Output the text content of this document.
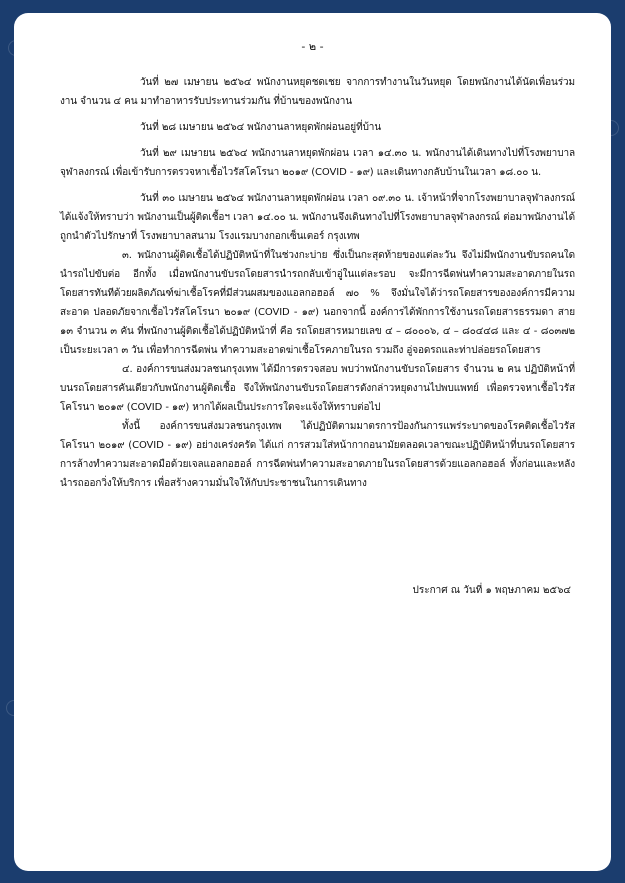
- ๒ -

วันที่ ๒๗ เมษายน ๒๕๖๔ พนักงานหยุดชดเชย จากการทำงานในวันหยุด โดยพนักงานได้นัดเพื่อนร่วมงาน จำนวน ๔ คน มาทำอาหารรับประทานร่วมกัน ที่บ้านของพนักงาน

วันที่ ๒๘ เมษายน ๒๕๖๔ พนักงานลาหยุดพักผ่อนอยู่ที่บ้าน

วันที่ ๒๙ เมษายน ๒๕๖๔ พนักงานลาหยุดพักผ่อน เวลา ๑๔.๓๐ น. พนักงานได้เดินทางไปที่โรงพยาบาลจุฬาลงกรณ์ เพื่อเข้ารับการตรวจหาเชื้อไวรัสโคโรนา ๒๐๑๙ (COVID - ๑๙) และเดินทางกลับบ้านในเวลา ๑๘.๐๐ น.

วันที่ ๓๐ เมษายน ๒๕๖๔ พนักงานลาหยุดพักผ่อน เวลา ๐๙.๓๐ น. เจ้าหน้าที่จากโรงพยาบาลจุฬาลงกรณ์ ได้แจ้งให้ทราบว่า พนักงานเป็นผู้ติดเชื้อฯ เวลา ๑๔.๐๐ น. พนักงานจึงเดินทางไปที่โรงพยาบาลจุฬาลงกรณ์ ต่อมาพนักงานได้ถูกนำตัวไปรักษาที่ โรงพยาบาลสนาม โรงแรมบางกอกเซ็นเตอร์ กรุงเทพ

๓. พนักงานผู้ติดเชื้อได้ปฏิบัติหน้าที่ในช่วงกะบ่าย ซึ่งเป็นกะสุดท้ายของแต่ละวัน จึงไม่มีพนักงานขับรถคนใดนำรถไปขับต่อ อีกทั้ง เมื่อพนักงานขับรถโดยสารนำรถกลับเข้าอู่ในแต่ละรอบ จะมีการฉีดพ่นทำความสะอาดภายในรถโดยสารทันทีด้วยผลิตภัณฑ์ฆ่าเชื้อโรคที่มีส่วนผสมของแอลกอฮอล์ ๗๐ % จึงมั่นใจได้ว่ารถโดยสารขององค์การมีความสะอาด ปลอดภัยจากเชื้อไวรัสโคโรนา ๒๐๑๙ (COVID - ๑๙) นอกจากนี้ องค์การได้พักการใช้งานรถโดยสารธรรมดา สาย ๑๓ จำนวน ๓ คัน ที่พนักงานผู้ติดเชื้อได้ปฏิบัติหน้าที่ คือ รถโดยสารหมายเลข ๔ – ๘๐๐๐๖, ๔ – ๘๐๔๔๘ และ ๔ - ๘๐๓๗๒ เป็นระยะเวลา ๓ วัน เพื่อทำการฉีดพ่น ทำความสะอาดฆ่าเชื้อโรคภายในรถ รวมถึง อู่จอดรถและท่าปล่อยรถโดยสาร

๔. องค์การขนส่งมวลชนกรุงเทพ ได้มีการตรวจสอบ พบว่าพนักงานขับรถโดยสาร จำนวน ๒ คน ปฏิบัติหน้าที่บนรถโดยสารคันเดียวกับพนักงานผู้ติดเชื้อ จึงให้พนักงานขับรถโดยสารดังกล่าวหยุดงานไปพบแพทย์ เพื่อตรวจหาเชื้อไวรัสโคโรนา ๒๐๑๙ (COVID - ๑๙) หากได้ผลเป็นประการใดจะแจ้งให้ทราบต่อไป

ทั้งนี้ องค์การขนส่งมวลชนกรุงเทพ ได้ปฏิบัติตามมาตรการป้องกันการแพร่ระบาดของโรคติดเชื้อไวรัสโคโรนา ๒๐๑๙ (COVID - ๑๙) อย่างเคร่งครัด ได้แก่ การสวมใส่หน้ากากอนามัยตลอดเวลาขณะปฏิบัติหน้าที่บนรถโดยสาร การล้างทำความสะอาดมือด้วยเจลแอลกอฮอล์ การฉีดพ่นทำความสะอาดภายในรถโดยสารด้วยแอลกอฮอล์ ทั้งก่อนและหลังนำรถออกวิ่งให้บริการ เพื่อสร้างความมั่นใจให้กับประชาชนในการเดินทาง

ประกาศ ณ วันที่ ๑ พฤษภาคม ๒๕๖๔
